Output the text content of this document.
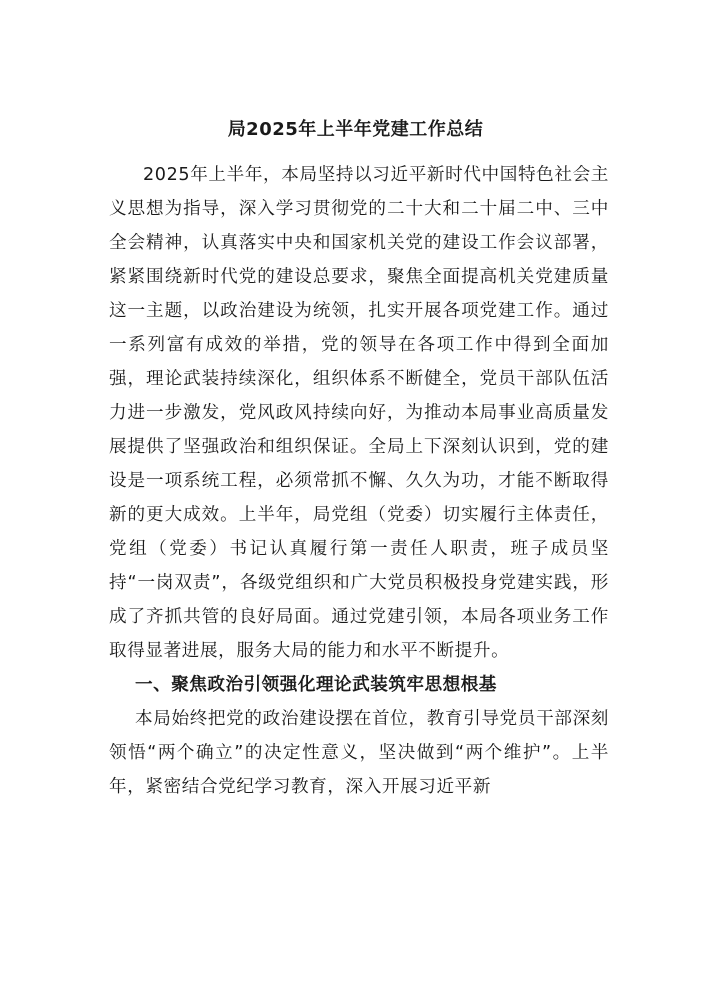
局2025年上半年党建工作总结

2025年上半年，本局坚持以习近平新时代中国特色社会主义思想为指导，深入学习贯彻党的二十大和二十届二中、三中全会精神，认真落实中央和国家机关党的建设工作会议部署，紧紧围绕新时代党的建设总要求，聚焦全面提高机关党建质量这一主题，以政治建设为统领，扎实开展各项党建工作。通过一系列富有成效的举措，党的领导在各项工作中得到全面加强，理论武装持续深化，组织体系不断健全，党员干部队伍活力进一步激发，党风政风持续向好，为推动本局事业高质量发展提供了坚强政治和组织保证。全局上下深刻认识到，党的建设是一项系统工程，必须常抓不懈、久久为功，才能不断取得新的更大成效。上半年，局党组（党委）切实履行主体责任，党组（党委）书记认真履行第一责任人职责，班子成员坚持“一岗双责”，各级党组织和广大党员积极投身党建实践，形成了齐抓共管的良好局面。通过党建引领，本局各项业务工作取得显著进展，服务大局的能力和水平不断提升。

一、聚焦政治引领强化理论武装筑牢思想根基

本局始终把党的政治建设摆在首位，教育引导党员干部深刻领悟“两个确立”的决定性意义，坚决做到“两个维护”。上半年，紧密结合党纪学习教育，深入开展习近平新
